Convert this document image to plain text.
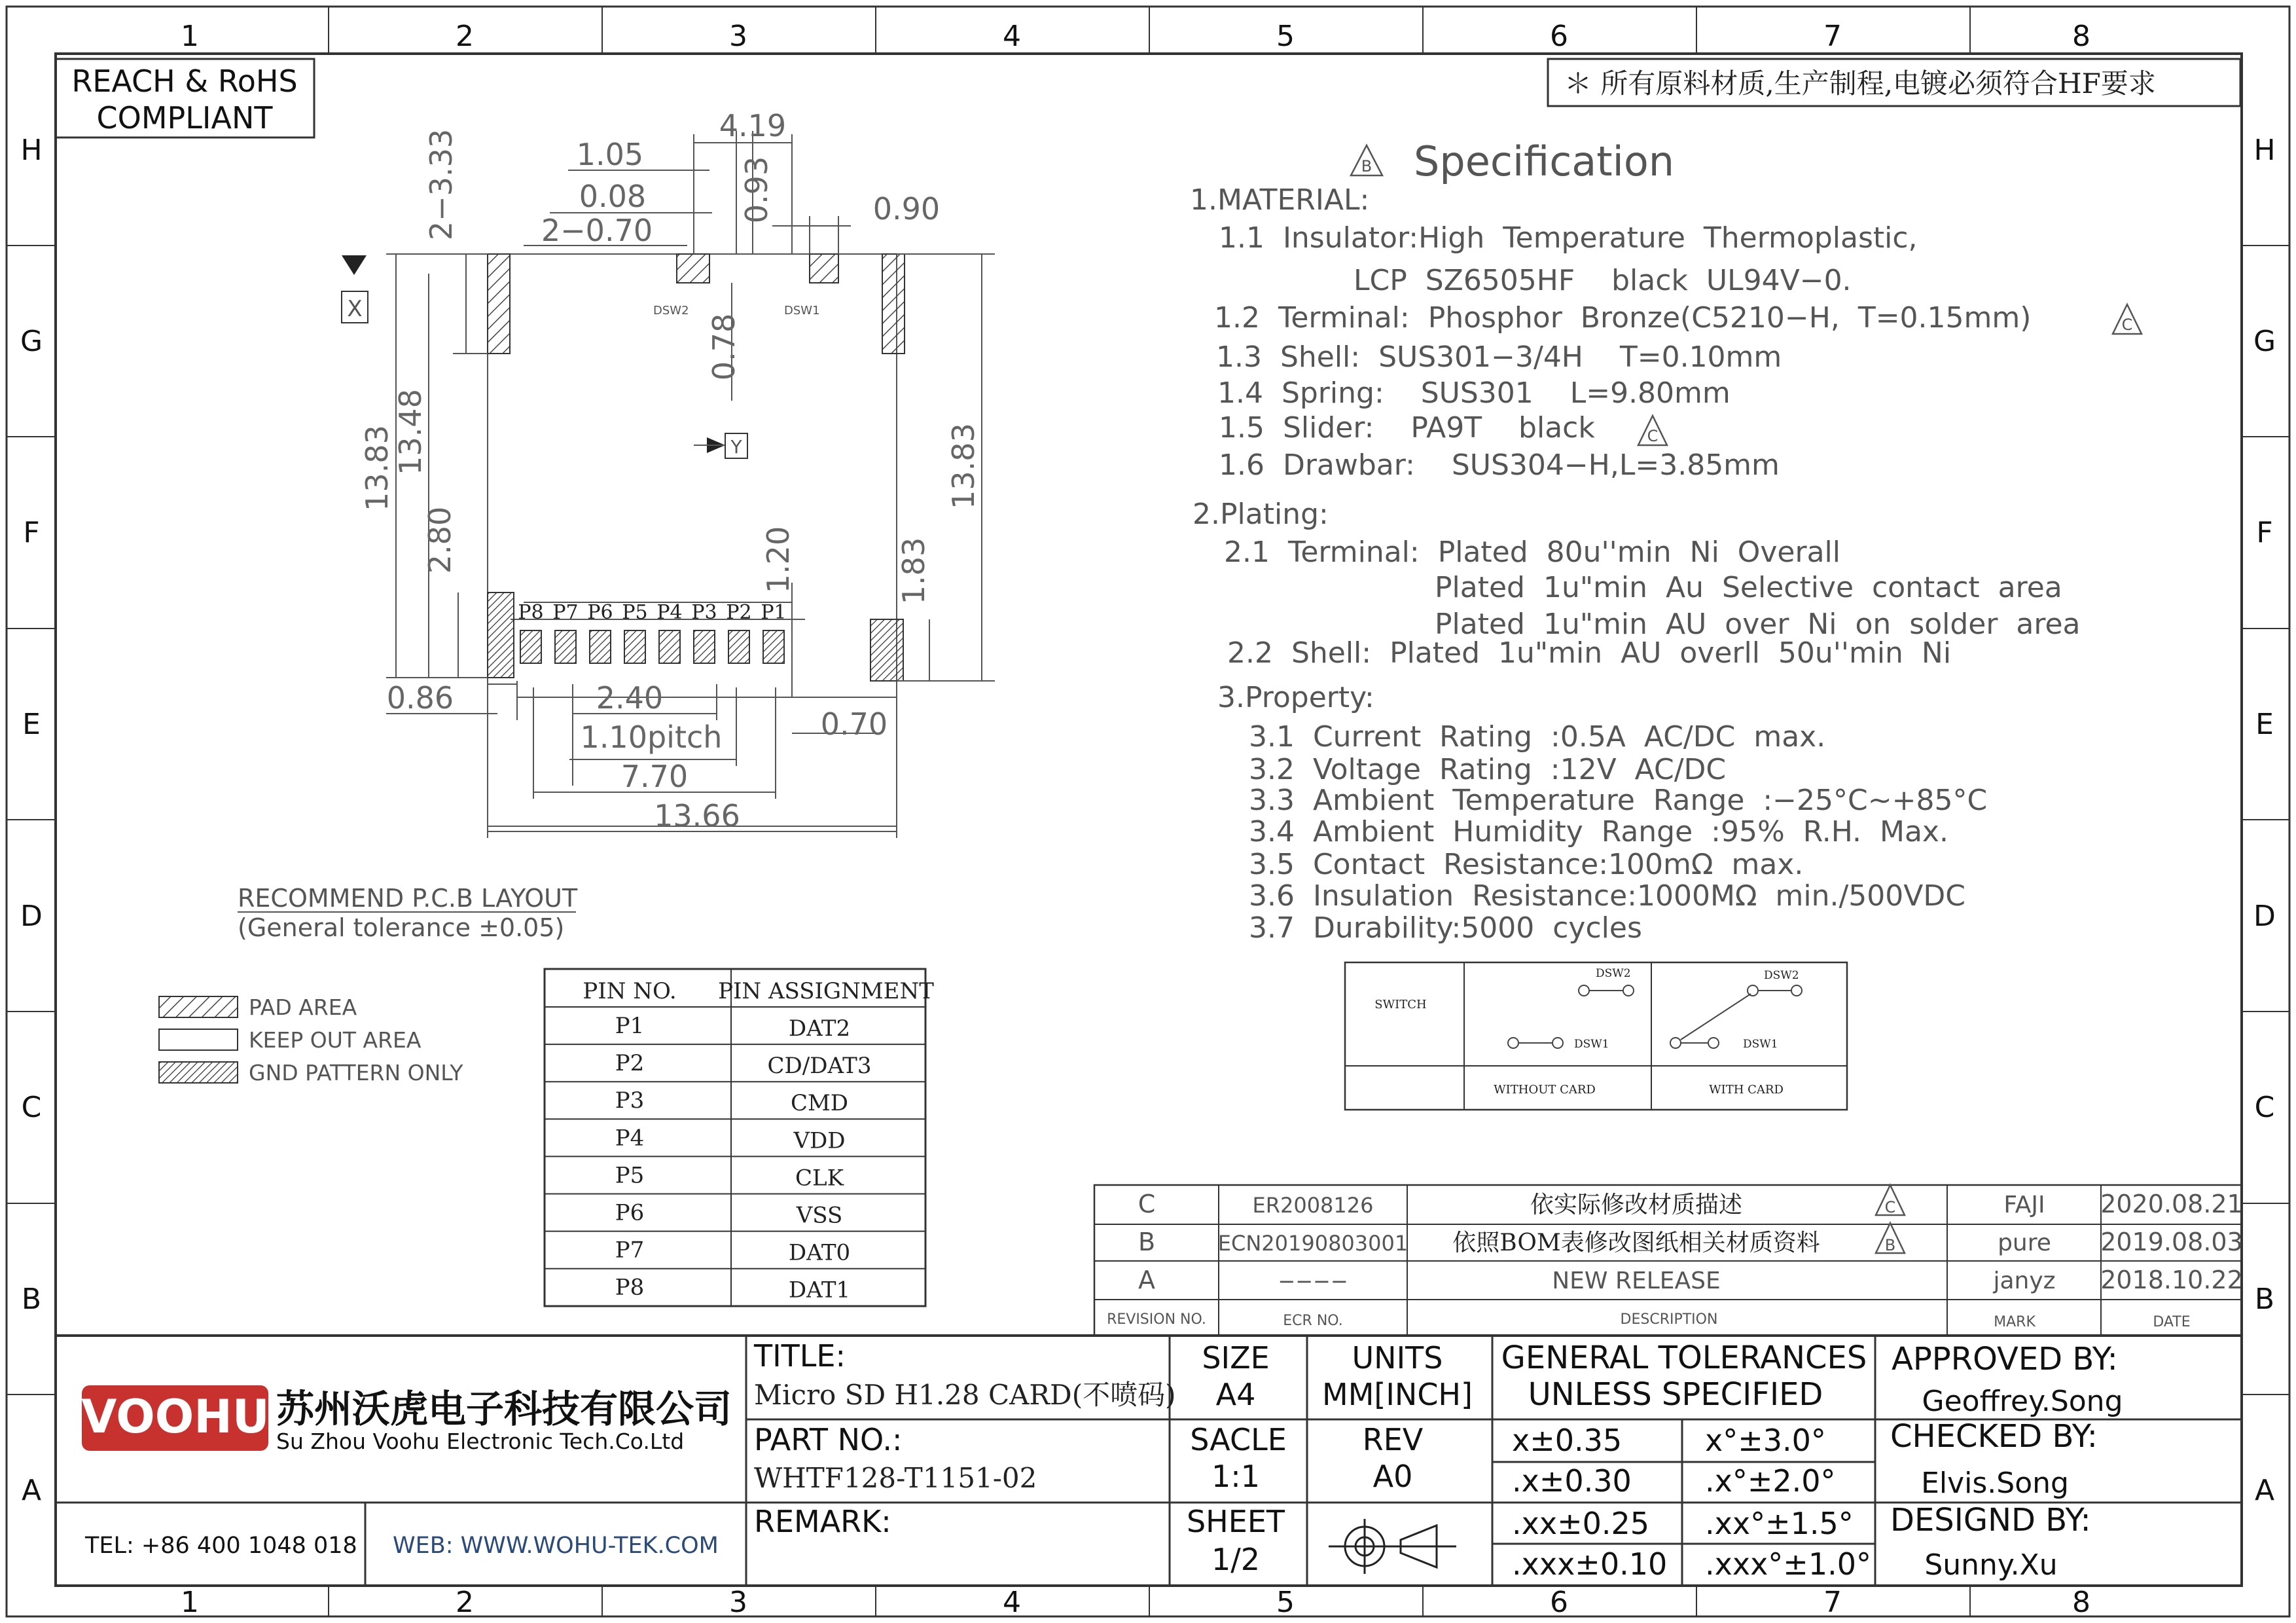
1
1
2
2
3
3
4
4
5
5
6
6
7
7
8
8
H	H
G	G
F	F
E	E
D	D
C	C
B	B
A	A
REACH & RoHS
COMPLIANT
＊ 所有原料材质,生产制程,电镀必须符合HF要求
P8 P7 P6 P5 P4 P3 P2 P1
X
Y
DSW2	DSW1
4.19
1.05
0.08
2−0.70
0.90
0.93
2−3.33
0.78
13.83
13.48
2.80
13.83
1.83
1.20
0.86	2.40
1.10pitch	0.70
7.70
13.66
RECOMMEND P.C.B LAYOUT
(General tolerance ±0.05)
PAD AREA
KEEP OUT AREA
GND PATTERN ONLY
P1	DAT2
P2	CD/DAT3
P3	CMD
P4	VDD
P5	CLK
P6	VSS
P7	DAT0
P8	DAT1
PIN NO. PIN ASSIGNMENT
B Specification
1.MATERIAL:
1.1  Insulator:High  Temperature  Thermoplastic,
LCP  SZ6505HF    black  UL94V−0.
1.2  Terminal:  Phosphor  Bronze(C5210−H,  T=0.15mm)
1.3  Shell:  SUS301−3/4H    T=0.10mm
1.4  Spring:    SUS301    L=9.80mm
1.5  Slider:    PA9T    black
1.6  Drawbar:    SUS304−H,L=3.85mm
2.Plating:
2.1  Terminal:  Plated  80u''min  Ni  Overall
Plated  1u"min  Au  Selective  contact  area
Plated  1u"min  AU  over  Ni  on  solder  area
2.2  Shell:  Plated  1u"min  AU  overll  50u''min  Ni
3.Property:
3.1  Current  Rating  :0.5A  AC/DC  max.
3.2  Voltage  Rating  :12V  AC/DC
3.3  Ambient  Temperature  Range  :−25°C∼+85°C
3.4  Ambient  Humidity  Range  :95%  R.H.  Max.
3.5  Contact  Resistance:100mΩ  max.
3.6  Insulation  Resistance:1000MΩ  min./500VDC
3.7  Durability:5000  cycles
C
C
SWITCH
WITHOUT CARD	WITH CARD
DSW2
DSW1
DSW2
DSW1
C	ER2008126	依实际修改材质描述	C	FAJI 2020.08.21
B	ECN20190803001 依照BOM表修改图纸相关材质资料	B	pure 2019.08.03
A	−−−−	NEW RELEASE	janyz 2018.10.22
REVISION NO.	ECR NO.	DESCRIPTION	MARK	DATE
VOOHU 苏州沃虎电子科技有限公司
Su Zhou Voohu Electronic Tech.Co.Ltd
TEL: +86 400 1048 018 WEB: WWW.WOHU-TEK.COM
TITLE:
Micro SD H1.28 CARD(不喷码)
PART NO.:
WHTF128-T1151-02
REMARK:
SIZE
A4
UNITS
MM[INCH]
SACLE
1:1
REV
A0
SHEET
1/2
GENERAL TOLERANCES
UNLESS SPECIFIED
x±0.35	x°±3.0°
.x±0.30 .x°±2.0°
.xx±0.25 .xx°±1.5°
.xxx±0.10 .xxx°±1.0°
APPROVED BY:
Geoffrey.Song
CHECKED BY:
Elvis.Song
DESIGND BY:
Sunny.Xu
